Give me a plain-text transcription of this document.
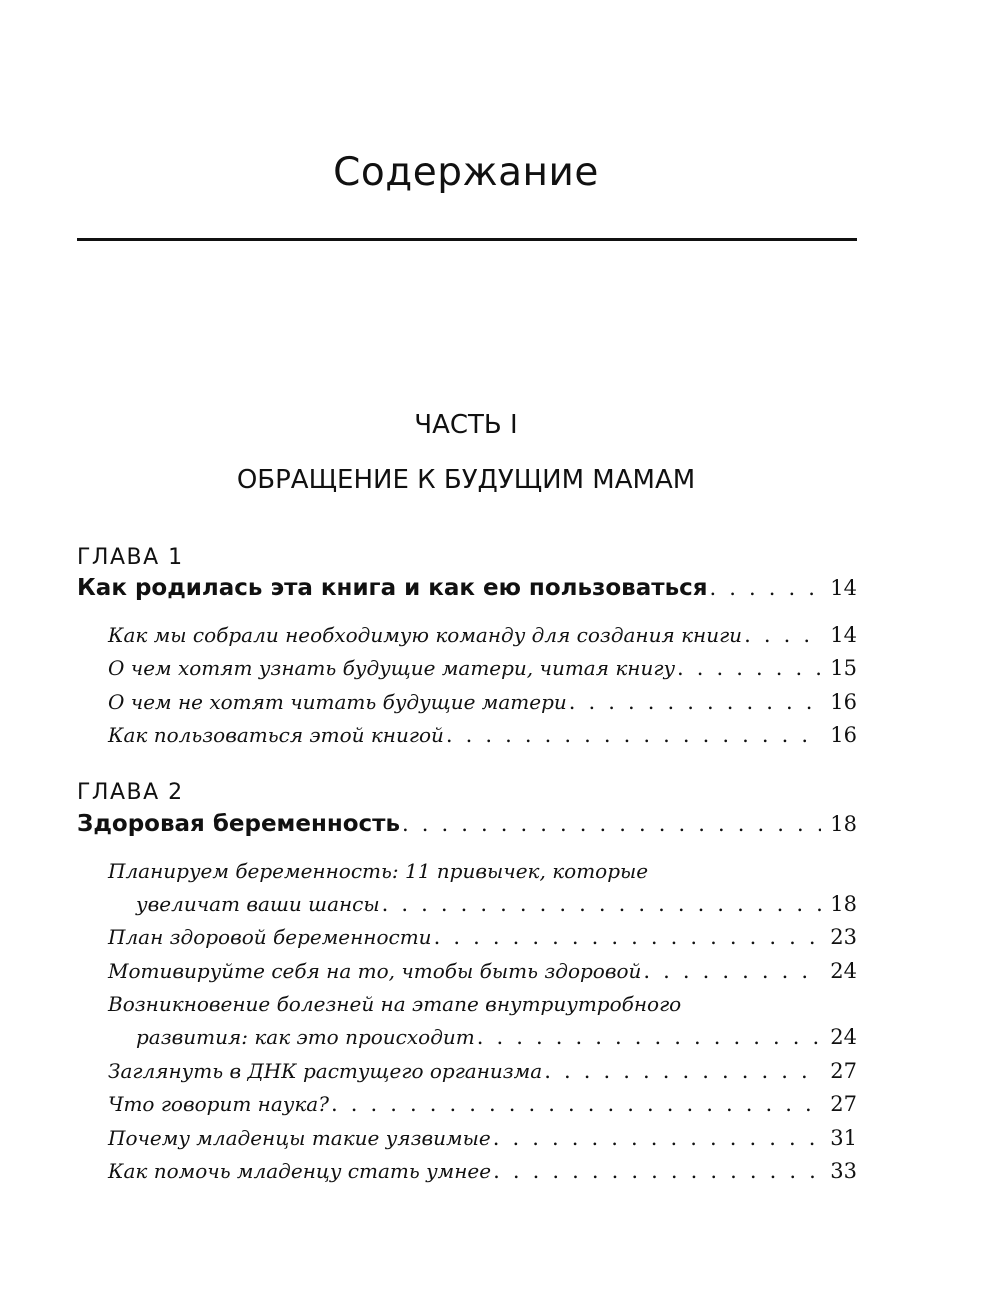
Содержание
ЧАСТЬ I
ОБРАЩЕНИЕ К БУДУЩИМ МАМАМ
ГЛАВА 1
Как родилась эта книга и как ею пользоваться . . .	14
Как мы собрали необходимую команду для создания книги . . .	14
О чем хотят узнать будущие матери, читая книгу . . .	15
О чем не хотят читать будущие матери . . .	16
Как пользоваться этой книгой . . .	16
ГЛАВА 2
Здоровая беременность . . .	18
Планируем беременность: 11 привычек, которые
увеличат ваши шансы . . .	18
План здоровой беременности . . .	23
Мотивируйте себя на то, чтобы быть здоровой . . .	24
Возникновение болезней на этапе внутриутробного
развития: как это происходит . . .	24
Заглянуть в ДНК растущего организма . . .	27
Что говорит наука? . . .	27
Почему младенцы такие уязвимые . . .	31
Как помочь младенцу стать умнее . . .	33
